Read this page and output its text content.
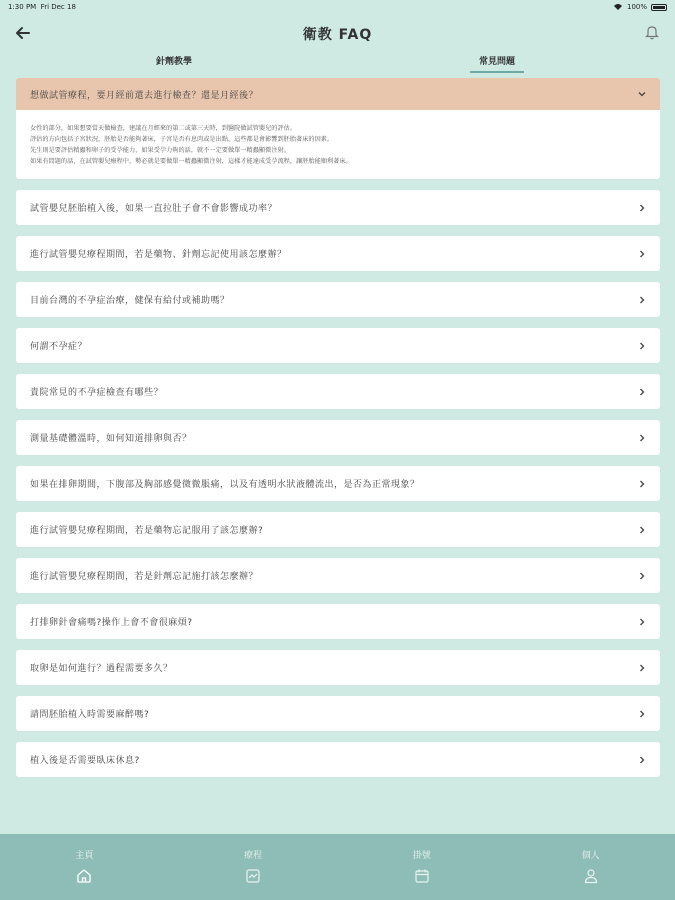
1:30 PM Fri Dec 18	100%
衛教 FAQ
針劑教學	常見問題
想做試管療程，要月經前還去進行檢查？還是月經後？
女性的部分，如果想要當天做檢查，建議在月經來的第二或第三天時，到醫院做試管嬰兒的評估。
評估的方向包括子宮狀況，胚胎是否能夠著床，子宮是否有息肉或是出點，這些都是會影響到胚胎著床的因素。
先生則是要評估精蟲和卵子的受孕能力，如果受孕力夠的話，就不一定要做單一精蟲顯微注射。
如果有問題的話，在試管嬰兒療程中，勢必就是要做單一精蟲顯微注射，這樣才能達成受孕流程，讓胚胎能順利著床。
試管嬰兒胚胎植入後，如果一直拉肚子會不會影響成功率？
進行試管嬰兒療程期間，若是藥物、針劑忘記使用該怎麼辦？
目前台灣的不孕症治療，健保有給付或補助嗎？
何謂不孕症？
貴院常見的不孕症檢查有哪些？
測量基礎體溫時，如何知道排卵與否？
如果在排卵期間，下腹部及胸部感覺微微脹痛，以及有透明水狀液體流出，是否為正常現象？
進行試管嬰兒療程期間，若是藥物忘記服用了該怎麼辦?
進行試管嬰兒療程期間，若是針劑忘記施打該怎麼辦？
打排卵針會痛嗎?操作上會不會很麻煩?
取卵是如何進行？過程需要多久？
請問胚胎植入時需要麻醉嗎?
植入後是否需要臥床休息?
主頁	療程	掛號	個人
